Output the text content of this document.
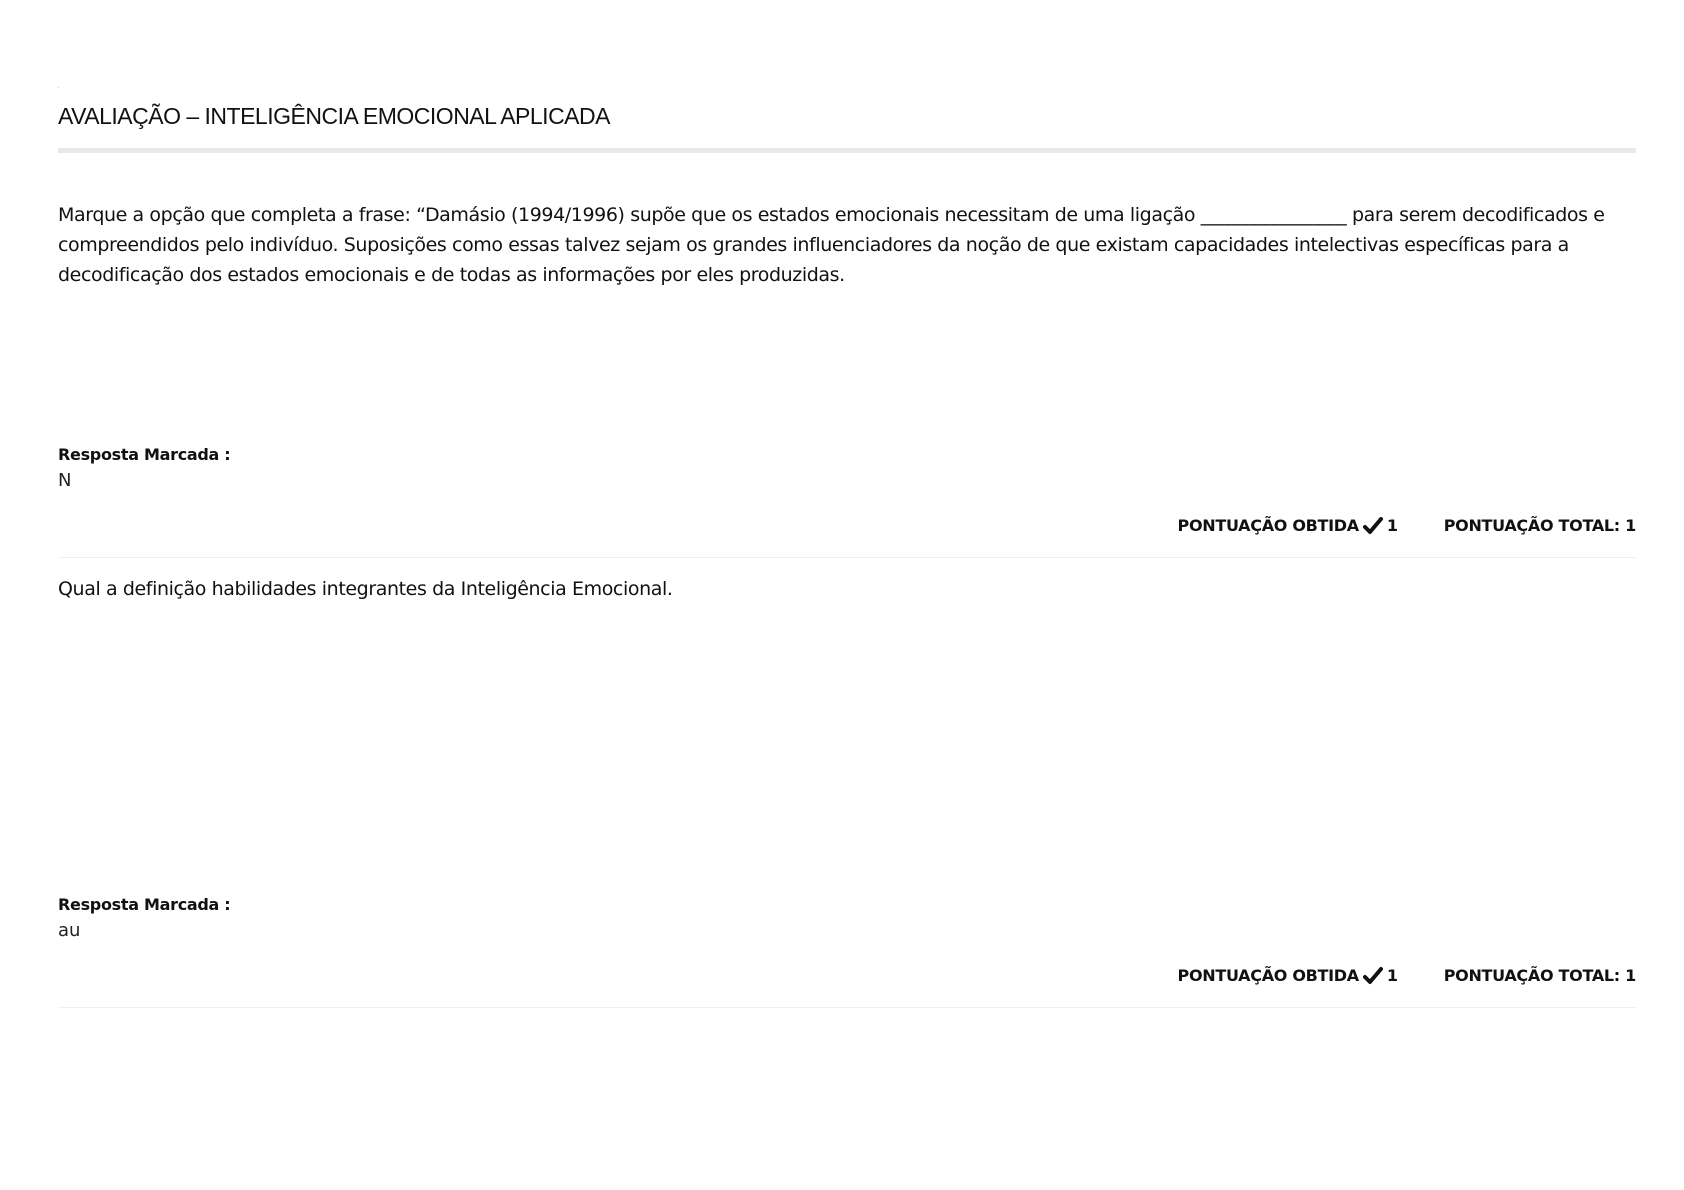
AVALIAÇÃO – INTELIGÊNCIA EMOCIONAL APLICADA

Marque a opção que completa a frase: “Damásio (1994/1996) supõe que os estados emocionais necessitam de uma ligação ________________ para serem decodificados e compreendidos pelo indivíduo. Suposições como essas talvez sejam os grandes influenciadores da noção de que existam capacidades intelectivas específicas para a decodificação dos estados emocionais e de todas as informações por eles produzidas.

Resposta Marcada :
N
PONTUAÇÃO OBTIDA 1	PONTUAÇÃO TOTAL: 1

Qual a definição habilidades integrantes da Inteligência Emocional.

Resposta Marcada :
au
PONTUAÇÃO OBTIDA 1	PONTUAÇÃO TOTAL: 1
